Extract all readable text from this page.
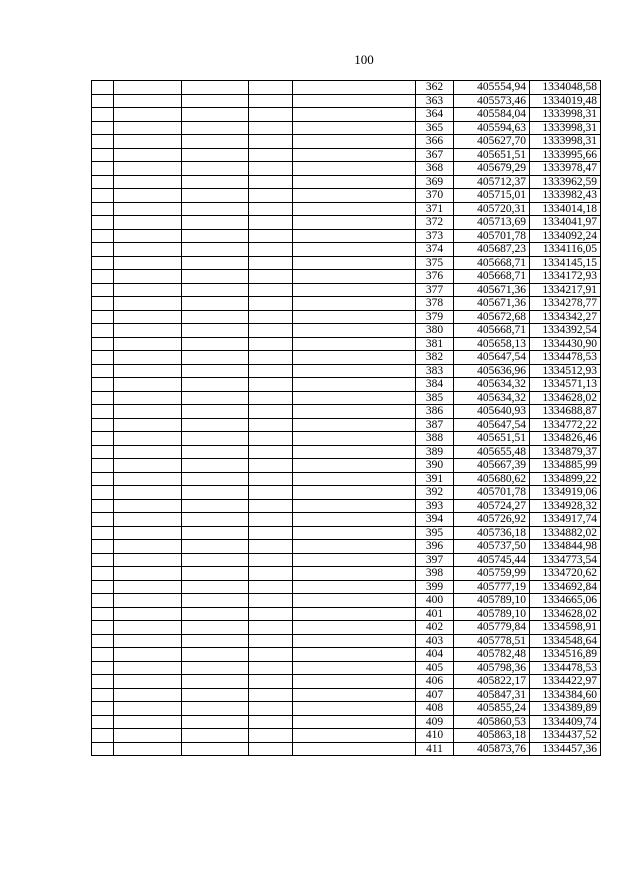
100
					362	405554,94	1334048,58
					363	405573,46	1334019,48
					364	405584,04	1333998,31
					365	405594,63	1333998,31
					366	405627,70	1333998,31
					367	405651,51	1333995,66
					368	405679,29	1333978,47
					369	405712,37	1333962,59
					370	405715,01	1333982,43
					371	405720,31	1334014,18
					372	405713,69	1334041,97
					373	405701,78	1334092,24
					374	405687,23	1334116,05
					375	405668,71	1334145,15
					376	405668,71	1334172,93
					377	405671,36	1334217,91
					378	405671,36	1334278,77
					379	405672,68	1334342,27
					380	405668,71	1334392,54
					381	405658,13	1334430,90
					382	405647,54	1334478,53
					383	405636,96	1334512,93
					384	405634,32	1334571,13
					385	405634,32	1334628,02
					386	405640,93	1334688,87
					387	405647,54	1334772,22
					388	405651,51	1334826,46
					389	405655,48	1334879,37
					390	405667,39	1334885,99
					391	405680,62	1334899,22
					392	405701,78	1334919,06
					393	405724,27	1334928,32
					394	405726,92	1334917,74
					395	405736,18	1334882,02
					396	405737,50	1334844,98
					397	405745,44	1334773,54
					398	405759,99	1334720,62
					399	405777,19	1334692,84
					400	405789,10	1334665,06
					401	405789,10	1334628,02
					402	405779,84	1334598,91
					403	405778,51	1334548,64
					404	405782,48	1334516,89
					405	405798,36	1334478,53
					406	405822,17	1334422,97
					407	405847,31	1334384,60
					408	405855,24	1334389,89
					409	405860,53	1334409,74
					410	405863,18	1334437,52
					411	405873,76	1334457,36
